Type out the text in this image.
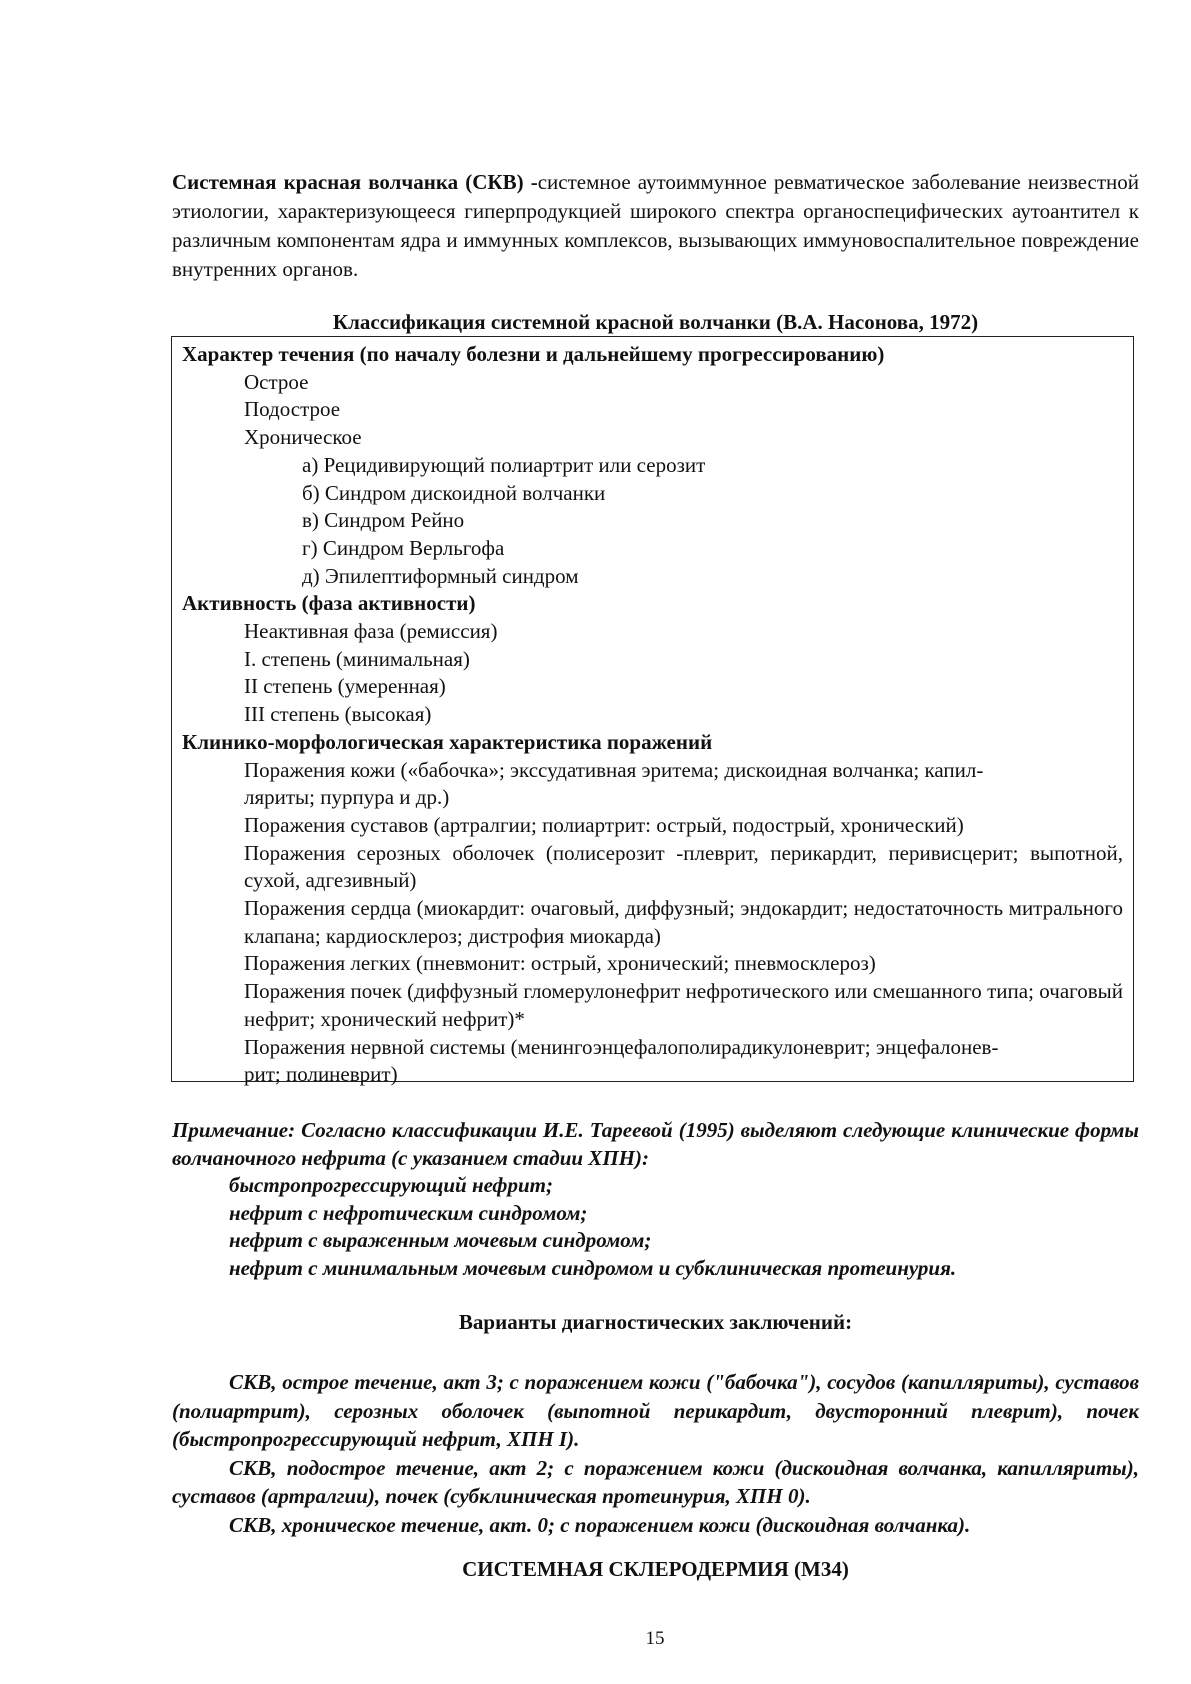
Системная красная волчанка (СКВ) -системное аутоиммунное ревматическое заболевание неизвестной этиологии, характеризующееся гиперпродукцией широкого спектра органоспецифических аутоантител к различным компонентам ядра и иммунных комплексов, вызывающих иммуновоспалительное повреждение внутренних органов.

Классификация системной красной волчанки (В.А. Насонова, 1972)
Характер течения (по началу болезни и дальнейшему прогрессированию)
Острое
Подострое
Хроническое
а) Рецидивирующий полиартрит или серозит
б) Синдром дискоидной волчанки
в) Синдром Рейно
г) Синдром Верльгофа
д) Эпилептиформный синдром
Активность (фаза активности)
Неактивная фаза (ремиссия)
I. степень (минимальная)
II степень (умеренная)
III степень (высокая)
Клинико-морфологическая характеристика поражений
Поражения кожи («бабочка»; экссудативная эритема; дискоидная волчанка; капил-
ляриты; пурпура и др.)
Поражения суставов (артралгии; полиартрит: острый, подострый, хронический)
Поражения серозных оболочек (полисерозит -плеврит, перикардит, перивисцерит; выпотной, сухой, адгезивный)
Поражения сердца (миокардит: очаговый, диффузный; эндокардит; недостаточность митрального клапана; кардиосклероз; дистрофия миокарда)
Поражения легких (пневмонит: острый, хронический; пневмосклероз)
Поражения почек (диффузный гломерулонефрит нефротического или смешанного типа; очаговый нефрит; хронический нефрит)*
Поражения нервной системы (менингоэнцефалополирадикулоневрит; энцефалонев-
рит; полиневрит)
Примечание: Согласно классификации И.Е. Тареевой (1995) выделяют следующие клинические формы волчаночного нефрита (с указанием стадии ХПН):
быстропрогрессирующий нефрит;
нефрит с нефротическим синдромом;
нефрит с выраженным мочевым синдромом;
нефрит с минимальным мочевым синдромом и субклиническая протеинурия.
Варианты диагностических заключений:

СКВ, острое течение, акт 3; с поражением кожи ("бабочка"), сосудов (капилляриты), суставов (полиартрит), серозных оболочек (выпотной перикардит, двусторонний плеврит), почек (быстропрогрессирующий нефрит, ХПН I).

СКВ, подострое течение, акт 2; с поражением кожи (дискоидная волчанка, капилляриты), суставов (артралгии), почек (субклиническая протеинурия, ХПН 0).

СКВ, хроническое течение, акт. 0; с поражением кожи (дискоидная волчанка).

СИСТЕМНАЯ СКЛЕРОДЕРМИЯ (М34)
15
